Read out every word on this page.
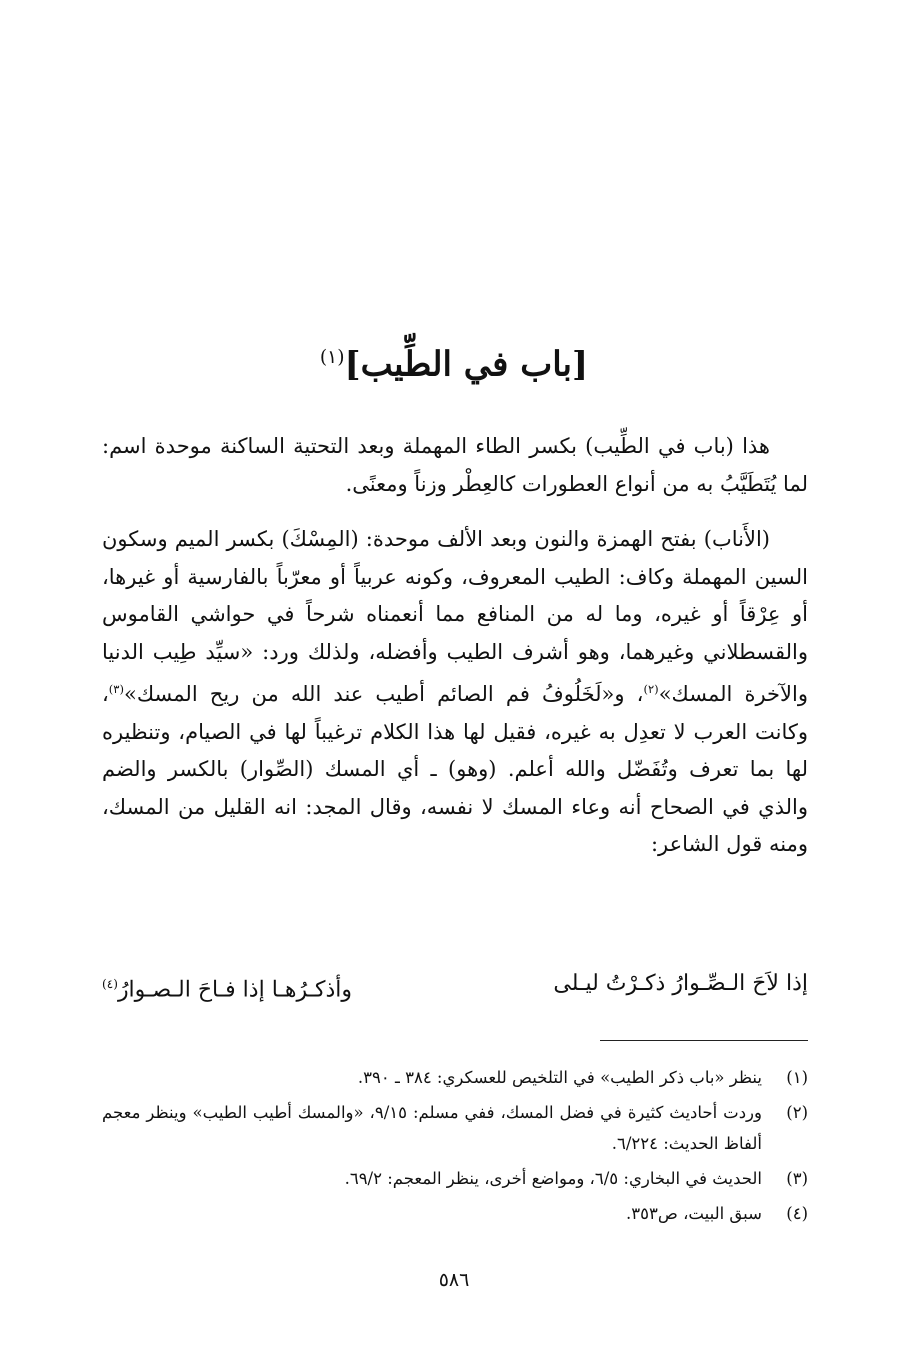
[باب في الطِّيب]$^{(١)}$

هذا (باب في الطِّيب) بكسر الطاء المهملة وبعد التحتية الساكنة موحدة اسم: لما يُتَطَيَّبُ به من أنواع العطورات كالعِطْر وزناً ومعنًى.

(الأَناب) بفتح الهمزة والنون وبعد الألف موحدة: (المِسْكَ) بكسر الميم وسكون السين المهملة وكاف: الطيب المعروف، وكونه عربياً أو معرّباً بالفارسية أو غيرها، أو عِرْقاً أو غيره، وما له من المنافع مما أنعمناه شرحاً في حواشي القاموس والقسطلاني وغيرهما، وهو أشرف الطيب وأفضله، ولذلك ورد: «سيِّد طِيب الدنيا والآخرة المسك»$^{(٢)}$، و«لَخَلُوفُ فم الصائم أطيب عند الله من ريح المسك»$^{(٣)}$، وكانت العرب لا تعدِل به غيره، فقيل لها هذا الكلام ترغيباً لها في الصيام، وتنظيره لها بما تعرف وتُفَضّل والله أعلم. (وهو) ـ أي المسك (الصِّوار) بالكسر والضم والذي في الصحاح أنه وعاء المسك لا نفسه، وقال المجد: انه القليل من المسك، ومنه قول الشاعر:

إذا لاَحَ الـصِّـوارُ ذكـرْتُ ليـلى
وأذكـرُهـا إذا فـاحَ الـصـوارُ$^{(٤)}$
(١)
ينظر «باب ذكر الطيب» في التلخيص للعسكري: ٣٨٤ ـ ٣٩٠.
(٢)
وردت أحاديث كثيرة في فضل المسك، ففي مسلم: ٩/١٥، «والمسك أطيب الطيب» وينظر معجم ألفاظ الحديث: ٦/٢٢٤.
(٣)
الحديث في البخاري: ٦/٥، ومواضع أخرى، ينظر المعجم: ٦٩/٢.
(٤)
سبق البيت، ص٣٥٣.
٥٨٦
